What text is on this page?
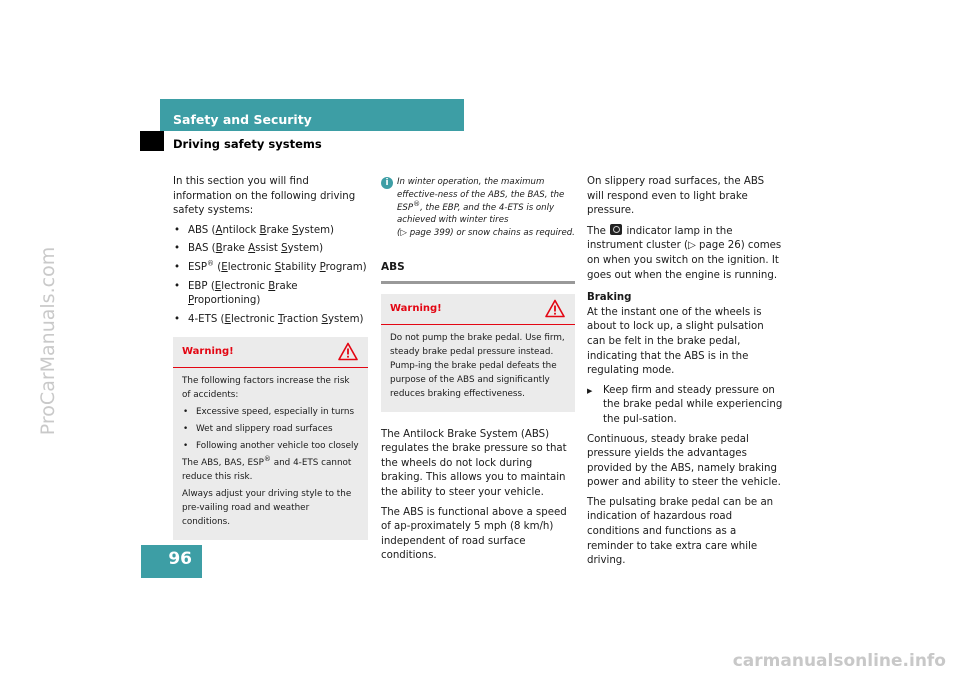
Safety and Security
Driving safety systems

In this section you will find information on the following driving safety systems:

• ABS (Antilock Brake System)
• BAS (Brake Assist System)
• ESP® (Electronic Stability Program)
• EBP (Electronic Brake Proportioning)
• 4-ETS (Electronic Traction System)
Warning!

The following factors increase the risk of accidents:

• Excessive speed, especially in turns
• Wet and slippery road surfaces
• Following another vehicle too closely

The ABS, BAS, ESP® and 4-ETS cannot reduce this risk.

Always adjust your driving style to the pre-vailing road and weather conditions.

i In winter operation, the maximum effective-ness of the ABS, the BAS, the ESP®, the EBP, and the 4-ETS is only achieved with winter tires
(▷ page 399) or snow chains as required.
ABS
Warning!

Do not pump the brake pedal. Use firm, steady brake pedal pressure instead. Pump-ing the brake pedal defeats the purpose of the ABS and significantly reduces braking effectiveness.

The Antilock Brake System (ABS) regulates the brake pressure so that the wheels do not lock during braking. This allows you to maintain the ability to steer your vehicle.

The ABS is functional above a speed of ap-proximately 5 mph (8 km/h) independent of road surface conditions.

On slippery road surfaces, the ABS will respond even to light brake pressure.

The indicator lamp in the instrument cluster (▷ page 26) comes on when you switch on the ignition. It goes out when the engine is running.

Braking

At the instant one of the wheels is about to lock up, a slight pulsation can be felt in the brake pedal, indicating that the ABS is in the regulating mode.

▶ Keep firm and steady pressure on the brake pedal while experiencing the pul-sation.

Continuous, steady brake pedal pressure yields the advantages provided by the ABS, namely braking power and ability to steer the vehicle.

The pulsating brake pedal can be an indication of hazardous road conditions and functions as a reminder to take extra care while driving.

96
ProCarManuals.com
carmanualsonline.info
